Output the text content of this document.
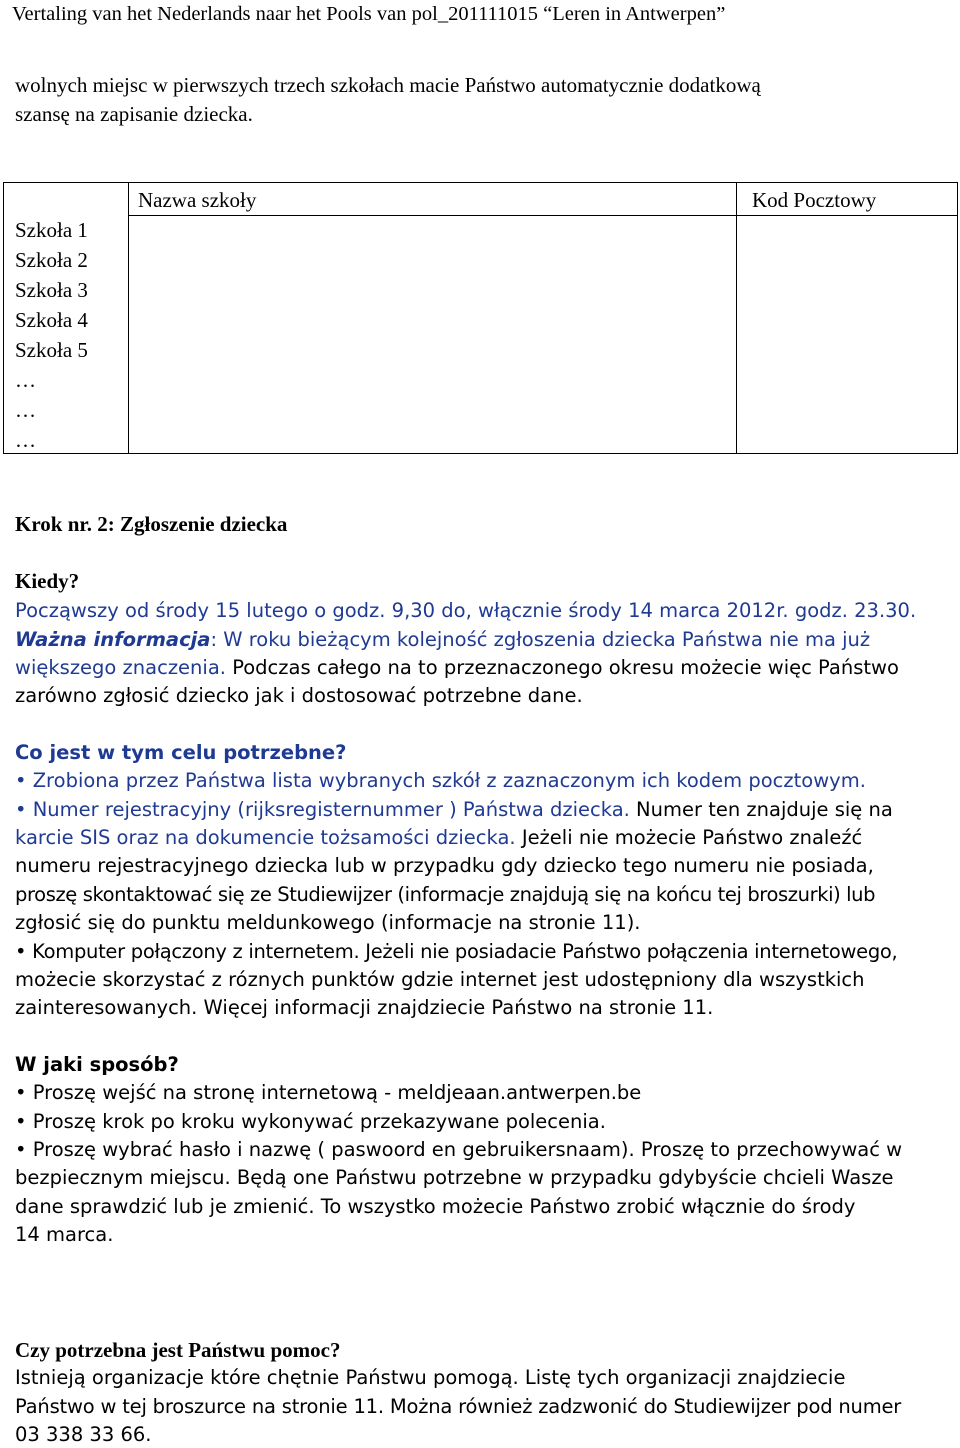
Vertaling van het Nederlands naar het Pools van pol_201111015 “Leren in Antwerpen”
wolnych miejsc w pierwszych trzech szkołach macie Państwo automatycznie dodatkową
szansę na zapisanie dziecka.
Nazwa szkoły	Kod Pocztowy
Szkoła 1
Szkoła 2
Szkoła 3
Szkoła 4
Szkoła 5
…
…
…
Krok nr. 2: Zgłoszenie dziecka
Kiedy?
Począwszy od środy 15 lutego o godz. 9,30 do, włącznie środy 14 marca 2012r. godz. 23.30.
Ważna informacja: W roku bieżącym kolejność zgłoszenia dziecka Państwa nie ma już
większego znaczenia. Podczas całego na to przeznaczonego okresu możecie więc Państwo
zarówno zgłosić dziecko jak i dostosować potrzebne dane.
Co jest w tym celu potrzebne?
• Zrobiona przez Państwa lista wybranych szkół z zaznaczonym ich kodem pocztowym.
• Numer rejestracyjny (rijksregisternummer ) Państwa dziecka. Numer ten znajduje się na
karcie SIS oraz na dokumencie tożsamości dziecka. Jeżeli nie możecie Państwo znaleźć
numeru rejestracyjnego dziecka lub w przypadku gdy dziecko tego numeru nie posiada,
proszę skontaktować się ze Studiewijzer (informacje znajdują się na końcu tej broszurki) lub
zgłosić się do punktu meldunkowego (informacje na stronie 11).
• Komputer połączony z internetem. Jeżeli nie posiadacie Państwo połączenia internetowego,
możecie skorzystać z róznych punktów gdzie internet jest udostępniony dla wszystkich
zainteresowanych. Więcej informacji znajdziecie Państwo na stronie 11.
W jaki sposób?
• Proszę wejść na stronę internetową - meldjeaan.antwerpen.be
• Proszę krok po kroku wykonywać przekazywane polecenia.
• Proszę wybrać hasło i nazwę ( paswoord en gebruikersnaam). Proszę to przechowywać w
bezpiecznym miejscu. Będą one Państwu potrzebne w przypadku gdybyście chcieli Wasze
dane sprawdzić lub je zmienić. To wszystko możecie Państwo zrobić włącznie do środy
14 marca.
Czy potrzebna jest Państwu pomoc?
Istnieją organizacje które chętnie Państwu pomogą. Listę tych organizacji znajdziecie
Państwo w tej broszurce na stronie 11. Można również zadzwonić do Studiewijzer pod numer
03 338 33 66.
